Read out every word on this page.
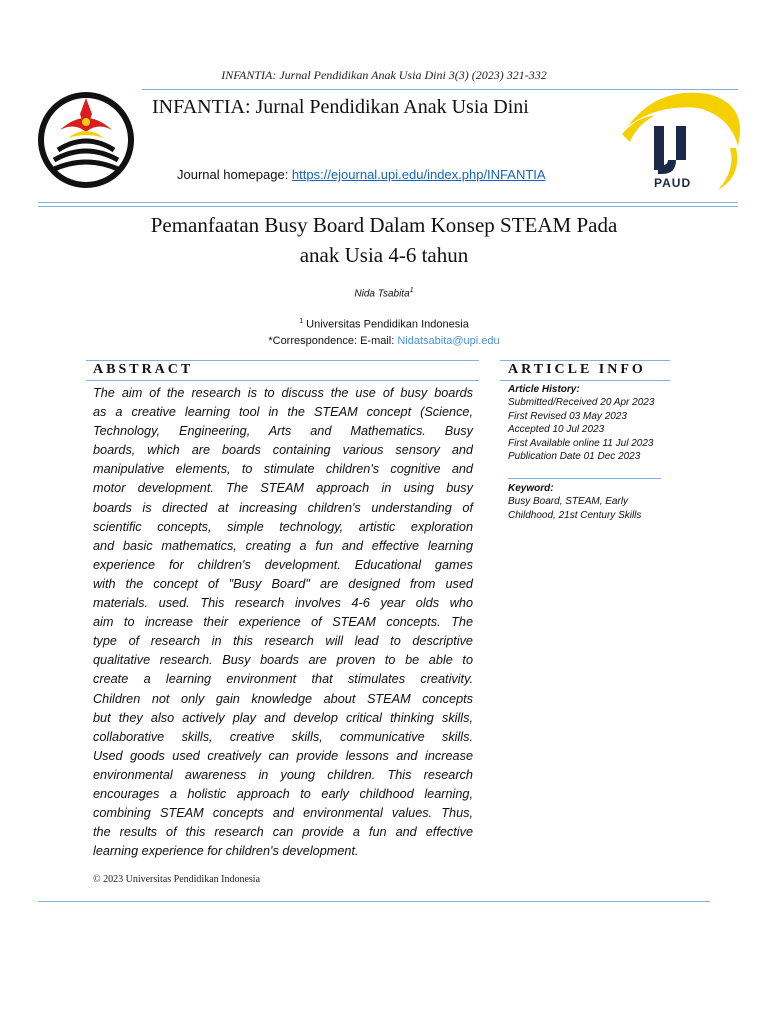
INFANTIA: Jurnal Pendidikan Anak Usia Dini 3(3) (2023) 321-332
INFANTIA: Jurnal Pendidikan Anak Usia Dini
Journal homepage: https://ejournal.upi.edu/index.php/INFANTIA
PAUD
Pemanfaatan Busy Board Dalam Konsep STEAM Pada
anak Usia 4-6 tahun
Nida Tsabita$^1$
$^1$ Universitas Pendidikan Indonesia
*Correspondence: E-mail: Nidatsabita@upi.edu
ABSTRACT
The aim of the research is to discuss the use of busy boards
as a creative learning tool in the STEAM concept (Science,
Technology, Engineering, Arts and Mathematics. Busy
boards, which are boards containing various sensory and
manipulative elements, to stimulate children's cognitive and
motor development. The STEAM approach in using busy
boards is directed at increasing children's understanding of
scientific concepts, simple technology, artistic exploration
and basic mathematics, creating a fun and effective learning
experience for children's development. Educational games
with the concept of "Busy Board" are designed from used
materials. used. This research involves 4-6 year olds who
aim to increase their experience of STEAM concepts. The
type of research in this research will lead to descriptive
qualitative research. Busy boards are proven to be able to
create a learning environment that stimulates creativity.
Children not only gain knowledge about STEAM concepts
but they also actively play and develop critical thinking skills,
collaborative skills, creative skills, communicative skills.
Used goods used creatively can provide lessons and increase
environmental awareness in young children. This research
encourages a holistic approach to early childhood learning,
combining STEAM concepts and environmental values. Thus,
the results of this research can provide a fun and effective
learning experience for children's development.
ARTICLE INFO
Article History:
Submitted/Received 20 Apr 2023
First Revised 03 May 2023
Accepted 10 Jul 2023
First Available online 11 Jul 2023
Publication Date 01 Dec 2023
Keyword:
Busy Board, STEAM, Early
Childhood, 21st Century Skills
© 2023 Universitas Pendidikan Indonesia
